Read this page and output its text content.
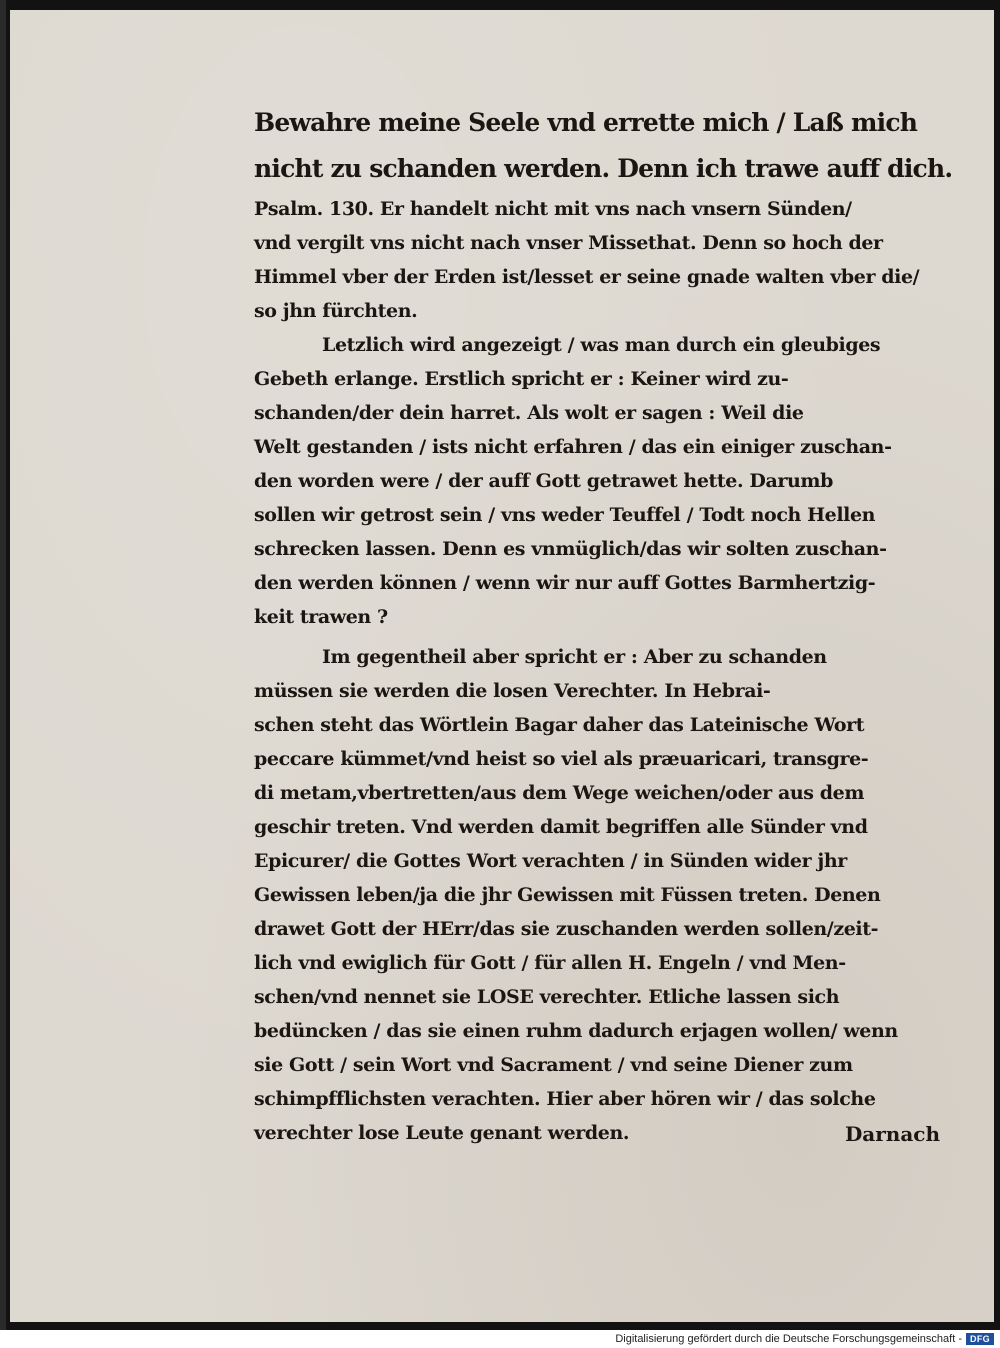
Bewahre meine Seele vnd errette mich / Laß mich
nicht zu schanden werden. Denn ich trawe auff dich.
Psalm. 130. Er handelt nicht mit vns nach vnsern Sünden/
vnd vergilt vns nicht nach vnser Missethat. Denn so hoch der
Himmel vber der Erden ist/lesset er seine gnade walten vber die/
so jhn fürchten.
Letzlich wird angezeigt / was man durch ein gleubiges
Gebeth erlange. Erstlich spricht er : Keiner wird zu-
schanden/der dein harret. Als wolt er sagen : Weil die
Welt gestanden / ists nicht erfahren / das ein einiger zuschan-
den worden were / der auff Gott getrawet hette. Darumb
sollen wir getrost sein / vns weder Teuffel / Todt noch Hellen
schrecken lassen. Denn es vnmüglich/das wir solten zuschan-
den werden können / wenn wir nur auff Gottes Barmhertzig-
keit trawen ?
Im gegentheil aber spricht er : Aber zu schanden
müssen sie werden die losen Verechter. In Hebrai-
schen steht das Wörtlein Bagar daher das Lateinische Wort
peccare kümmet/vnd heist so viel als præuaricari, transgre-
di metam,vbertretten/aus dem Wege weichen/oder aus dem
geschir treten. Vnd werden damit begriffen alle Sünder vnd
Epicurer/ die Gottes Wort verachten / in Sünden wider jhr
Gewissen leben/ja die jhr Gewissen mit Füssen treten. Denen
drawet Gott der HErr/das sie zuschanden werden sollen/zeit-
lich vnd ewiglich für Gott / für allen H. Engeln / vnd Men-
schen/vnd nennet sie LOSE verechter. Etliche lassen sich
bedüncken / das sie einen ruhm dadurch erjagen wollen/ wenn
sie Gott / sein Wort vnd Sacrament / vnd seine Diener zum
schimpfflichsten verachten. Hier aber hören wir / das solche
verechter lose Leute genant werden.	Darnach
Digitalisierung gefördert durch die Deutsche Forschungsgemeinschaft - DFG
